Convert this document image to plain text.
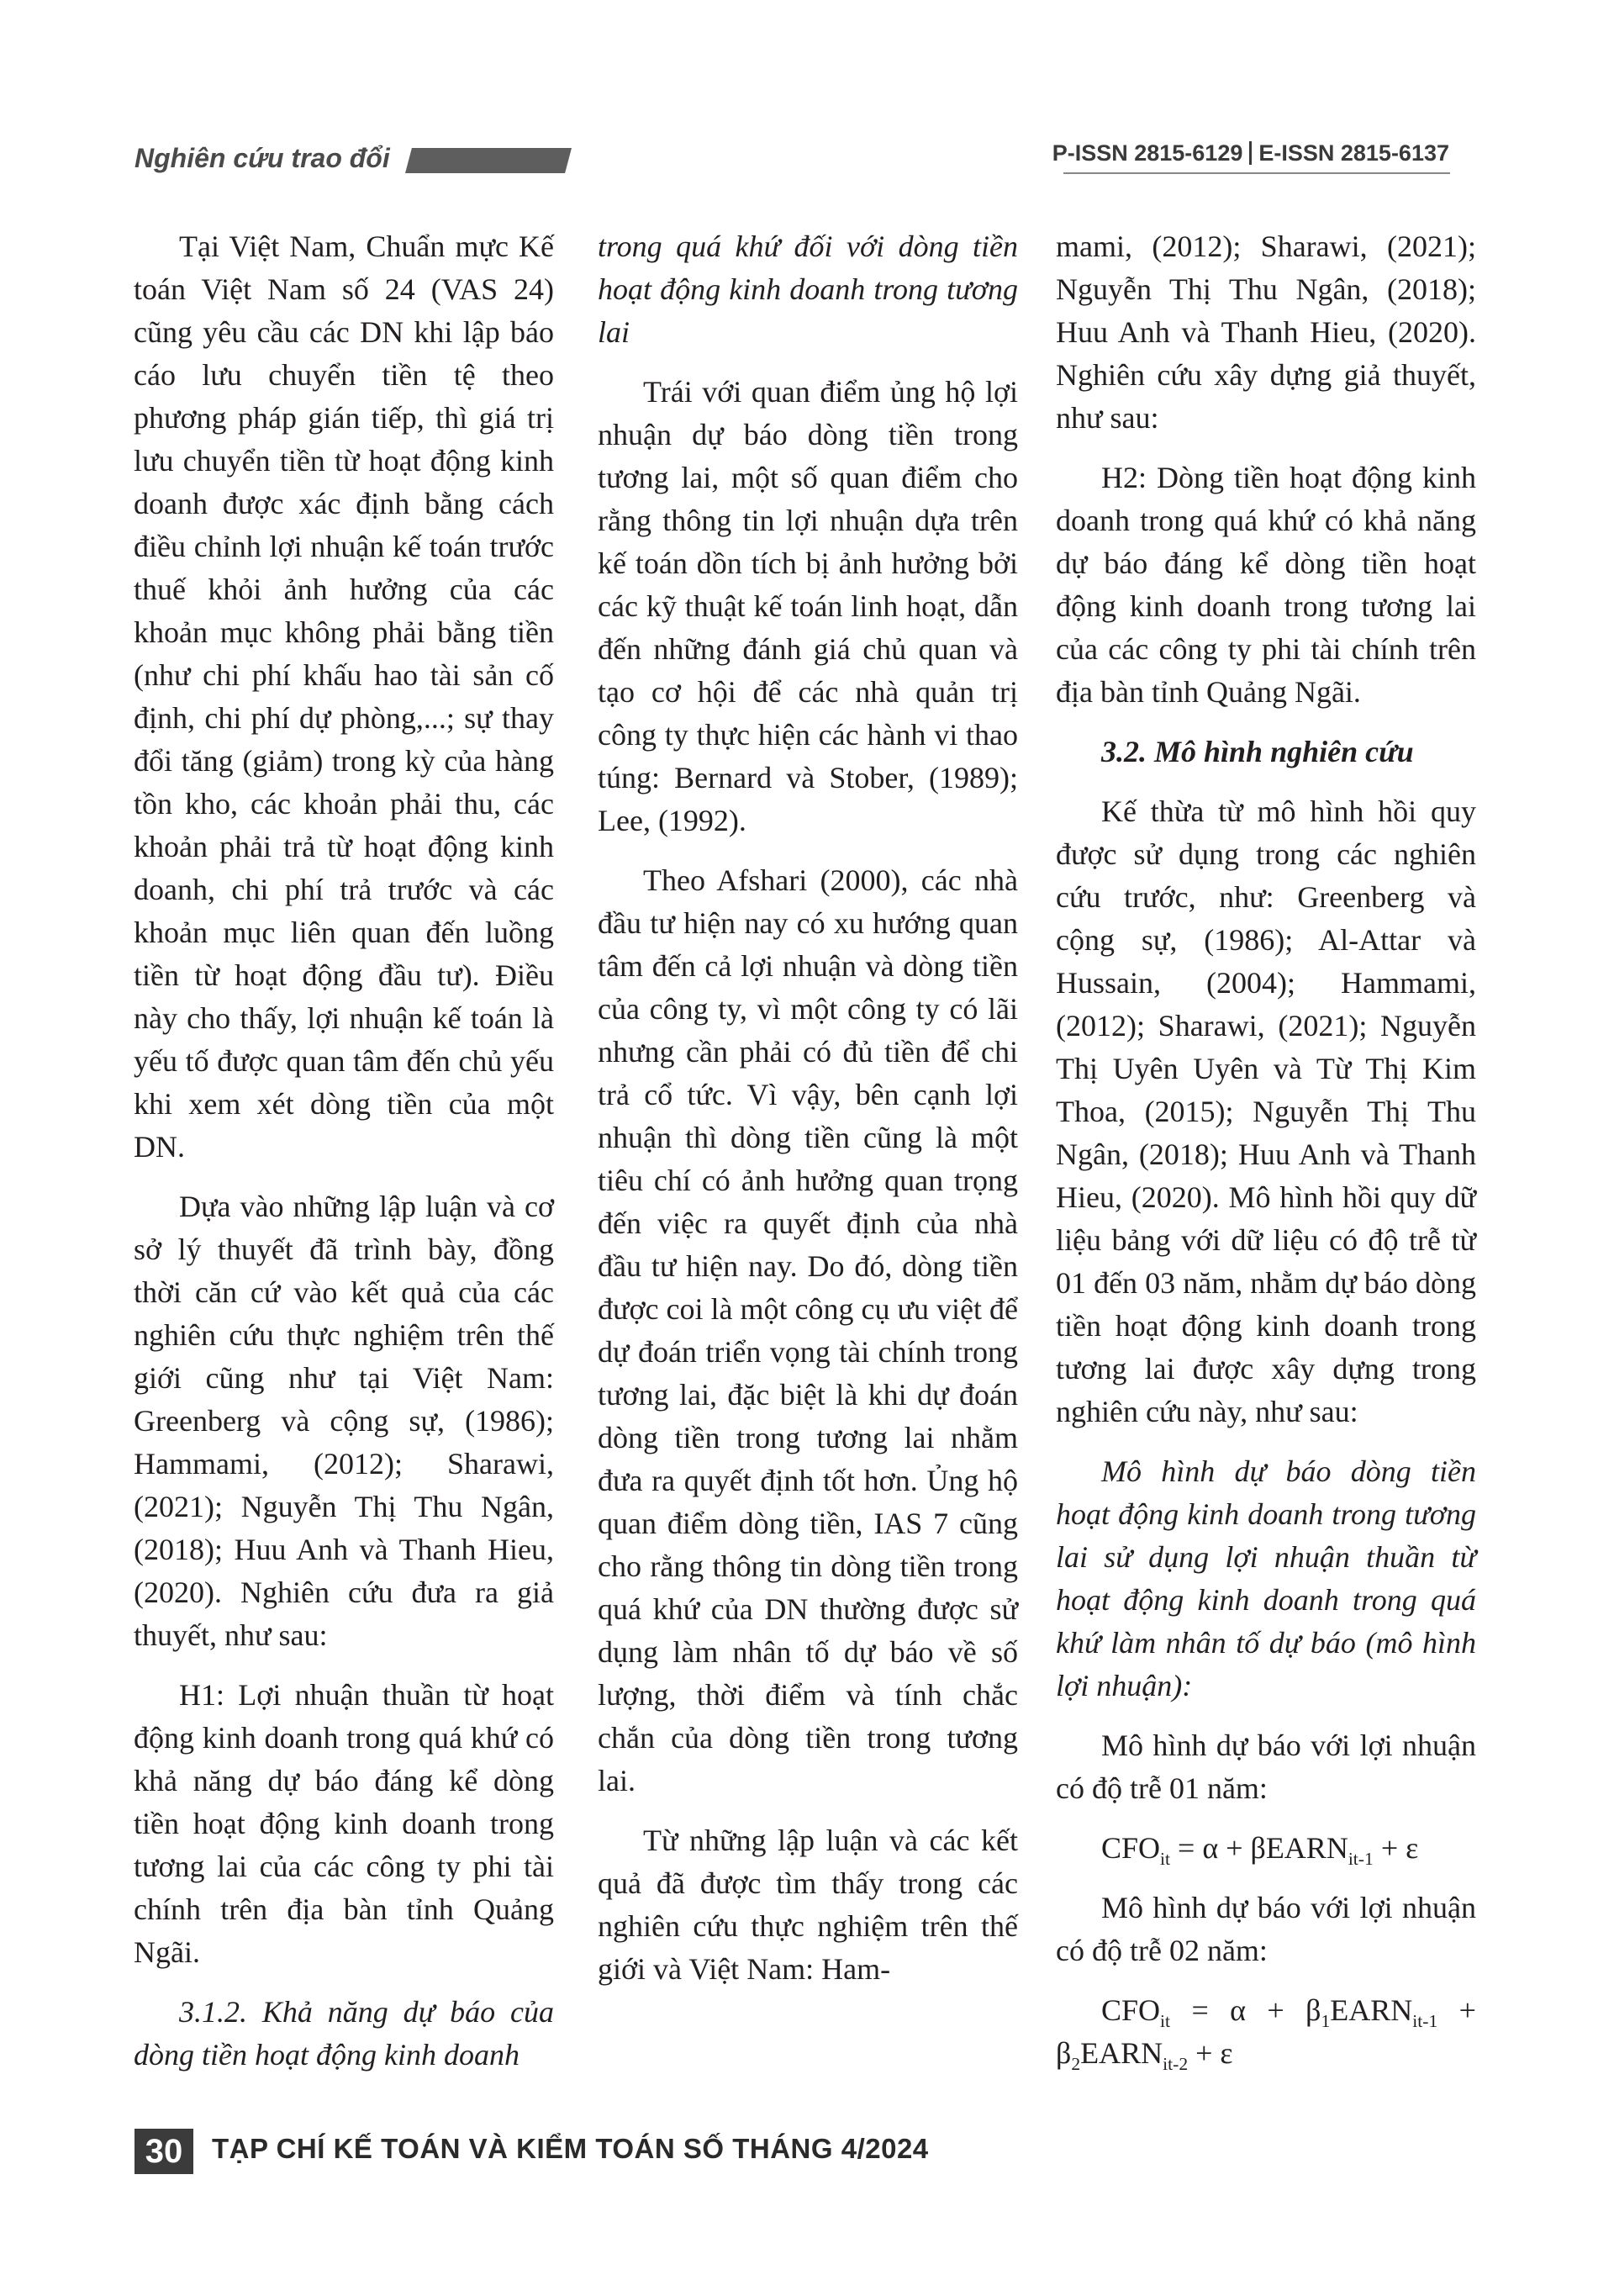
Nghiên cứu trao đổi	P-ISSN 2815-6129 E-ISSN 2815-6137

Tại Việt Nam, Chuẩn mực Kế toán Việt Nam số 24 (VAS 24) cũng yêu cầu các DN khi lập báo cáo lưu chuyển tiền tệ theo phương pháp gián tiếp, thì giá trị lưu chuyển tiền từ hoạt động kinh doanh được xác định bằng cách điều chỉnh lợi nhuận kế toán trước thuế khỏi ảnh hưởng của các khoản mục không phải bằng tiền (như chi phí khấu hao tài sản cố định, chi phí dự phòng,...; sự thay đổi tăng (giảm) trong kỳ của hàng tồn kho, các khoản phải thu, các khoản phải trả từ hoạt động kinh doanh, chi phí trả trước và các khoản mục liên quan đến luồng tiền từ hoạt động đầu tư). Điều này cho thấy, lợi nhuận kế toán là yếu tố được quan tâm đến chủ yếu khi xem xét dòng tiền của một DN.

Dựa vào những lập luận và cơ sở lý thuyết đã trình bày, đồng thời căn cứ vào kết quả của các nghiên cứu thực nghiệm trên thế giới cũng như tại Việt Nam: Greenberg và cộng sự, (1986); Hammami, (2012); Sharawi, (2021); Nguyễn Thị Thu Ngân, (2018); Huu Anh và Thanh Hieu, (2020). Nghiên cứu đưa ra giả thuyết, như sau:

H1: Lợi nhuận thuần từ hoạt động kinh doanh trong quá khứ có khả năng dự báo đáng kể dòng tiền hoạt động kinh doanh trong tương lai của các công ty phi tài chính trên địa bàn tỉnh Quảng Ngãi.

3.1.2. Khả năng dự báo của dòng tiền hoạt động kinh doanh

trong quá khứ đối với dòng tiền hoạt động kinh doanh trong tương lai

Trái với quan điểm ủng hộ lợi nhuận dự báo dòng tiền trong tương lai, một số quan điểm cho rằng thông tin lợi nhuận dựa trên kế toán dồn tích bị ảnh hưởng bởi các kỹ thuật kế toán linh hoạt, dẫn đến những đánh giá chủ quan và tạo cơ hội để các nhà quản trị công ty thực hiện các hành vi thao túng: Bernard và Stober, (1989); Lee, (1992).

Theo Afshari (2000), các nhà đầu tư hiện nay có xu hướng quan tâm đến cả lợi nhuận và dòng tiền của công ty, vì một công ty có lãi nhưng cần phải có đủ tiền để chi trả cổ tức. Vì vậy, bên cạnh lợi nhuận thì dòng tiền cũng là một tiêu chí có ảnh hưởng quan trọng đến việc ra quyết định của nhà đầu tư hiện nay. Do đó, dòng tiền được coi là một công cụ ưu việt để dự đoán triển vọng tài chính trong tương lai, đặc biệt là khi dự đoán dòng tiền trong tương lai nhằm đưa ra quyết định tốt hơn. Ủng hộ quan điểm dòng tiền, IAS 7 cũng cho rằng thông tin dòng tiền trong quá khứ của DN thường được sử dụng làm nhân tố dự báo về số lượng, thời điểm và tính chắc chắn của dòng tiền trong tương lai.

Từ những lập luận và các kết quả đã được tìm thấy trong các nghiên cứu thực nghiệm trên thế giới và Việt Nam: Ham-

mami, (2012); Sharawi, (2021); Nguyễn Thị Thu Ngân, (2018); Huu Anh và Thanh Hieu, (2020). Nghiên cứu xây dựng giả thuyết, như sau:

H2: Dòng tiền hoạt động kinh doanh trong quá khứ có khả năng dự báo đáng kể dòng tiền hoạt động kinh doanh trong tương lai của các công ty phi tài chính trên địa bàn tỉnh Quảng Ngãi.

3.2. Mô hình nghiên cứu

Kế thừa từ mô hình hồi quy được sử dụng trong các nghiên cứu trước, như: Greenberg và cộng sự, (1986); Al-Attar và Hussain, (2004); Hammami, (2012); Sharawi, (2021); Nguyễn Thị Uyên Uyên và Từ Thị Kim Thoa, (2015); Nguyễn Thị Thu Ngân, (2018); Huu Anh và Thanh Hieu, (2020). Mô hình hồi quy dữ liệu bảng với dữ liệu có độ trễ từ 01 đến 03 năm, nhằm dự báo dòng tiền hoạt động kinh doanh trong tương lai được xây dựng trong nghiên cứu này, như sau:

Mô hình dự báo dòng tiền hoạt động kinh doanh trong tương lai sử dụng lợi nhuận thuần từ hoạt động kinh doanh trong quá khứ làm nhân tố dự báo (mô hình lợi nhuận):

Mô hình dự báo với lợi nhuận có độ trễ 01 năm:

$CFO_{it} = \alpha$ + βEARN$_{it-1}$ + ε

Mô hình dự báo với lợi nhuận có độ trễ 02 năm:

$CFO_{it} = \alpha$ + $\beta_1EARN_{it-1}$ + $\beta_2EARN_{it-2} + \varepsilon$
30	TẠP CHÍ KẾ TOÁN VÀ KIỂM TOÁN SỐ THÁNG 4/2024
